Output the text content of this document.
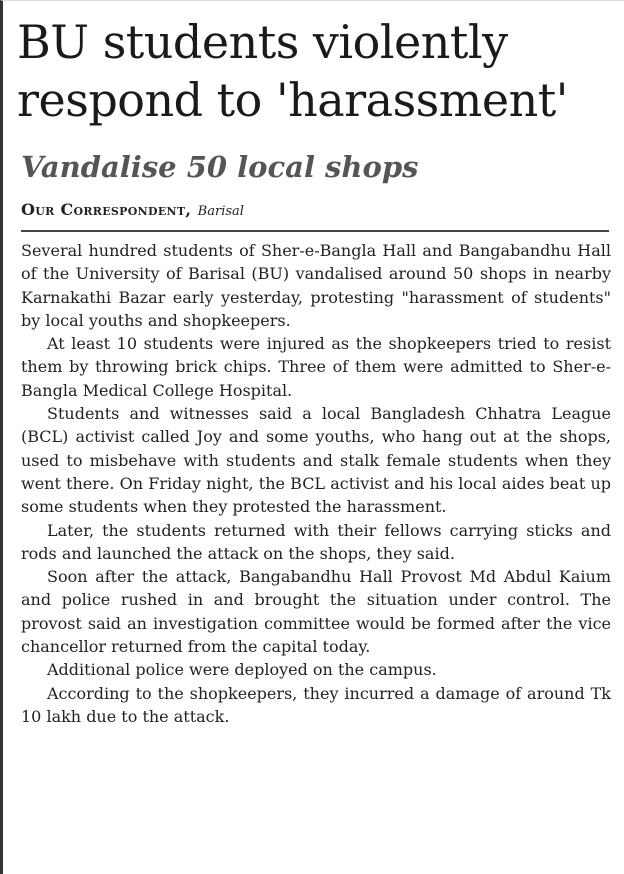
BU students violently respond to 'harassment'
Vandalise 50 local shops
Our Correspondent, Barisal

Several hundred students of Sher-e-Bangla Hall and Bangabandhu Hall of the University of Barisal (BU) vandalised around 50 shops in nearby Karnakathi Bazar early yesterday, protesting "harassment of students" by local youths and shopkeepers.

At least 10 students were injured as the shopkeepers tried to resist them by throwing brick chips. Three of them were admitted to Sher-e-Bangla Medical College Hospital.

Students and witnesses said a local Bangladesh Chhatra League (BCL) activist called Joy and some youths, who hang out at the shops, used to misbehave with students and stalk female students when they went there. On Friday night, the BCL activist and his local aides beat up some students when they protested the harassment.

Later, the students returned with their fellows carrying sticks and rods and launched the attack on the shops, they said.

Soon after the attack, Bangabandhu Hall Provost Md Abdul Kaium and police rushed in and brought the situation under control. The provost said an investigation committee would be formed after the vice chancellor returned from the capital today.

Additional police were deployed on the campus.

According to the shopkeepers, they incurred a damage of around Tk 10 lakh due to the attack.
